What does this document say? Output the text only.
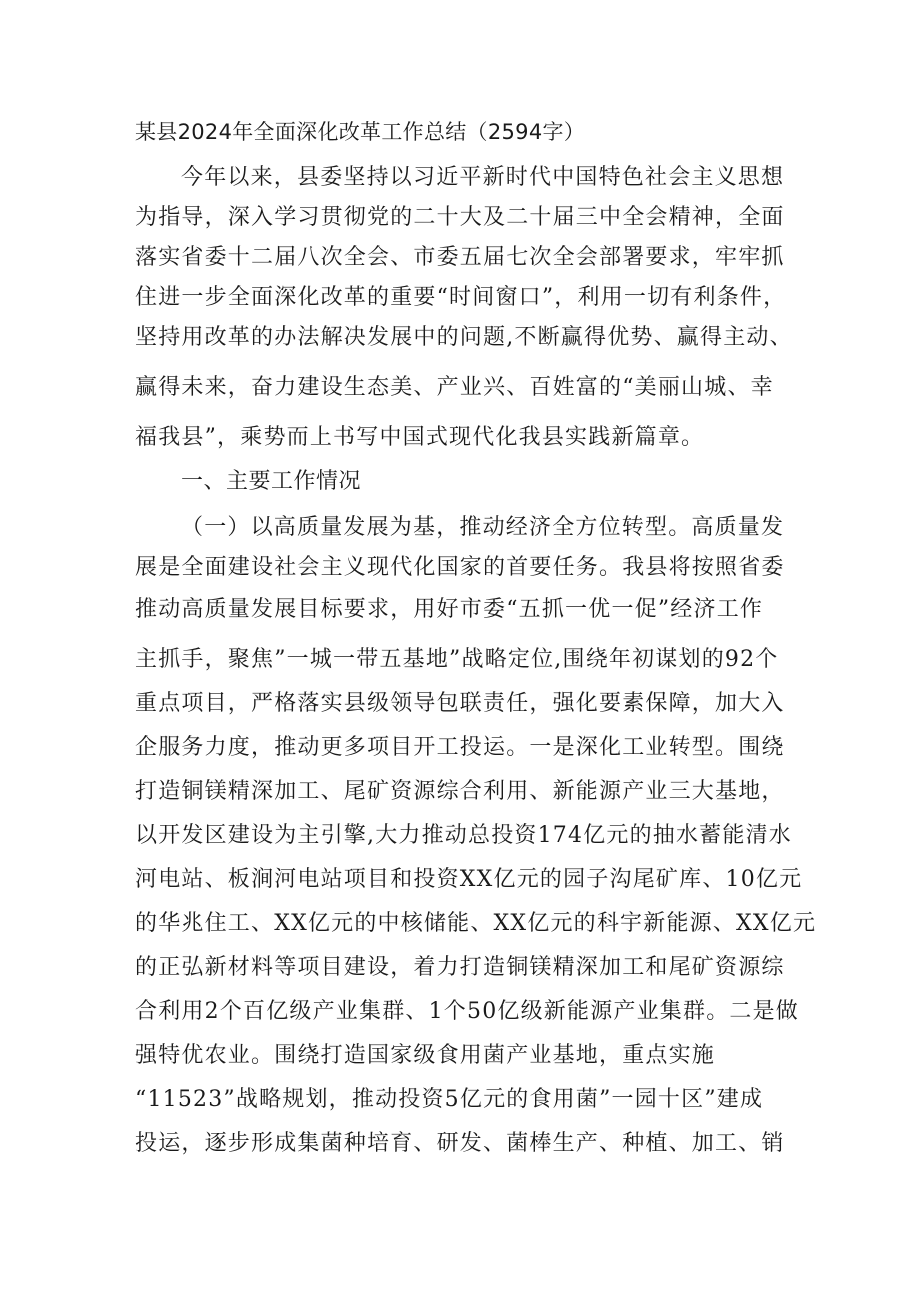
某县2024年全面深化改革工作总结（2594字）
今年以来，县委坚持以习近平新时代中国特色社会主义思想
为指导，深入学习贯彻党的二十大及二十届三中全会精神，全面
落实省委十二届八次全会、市委五届七次全会部署要求，牢牢抓
住进一步全面深化改革的重要“时间窗口”，利用一切有利条件，
坚持用改革的办法解决发展中的问题,不断赢得优势、赢得主动、
赢得未来，奋力建设生态美、产业兴、百姓富的“美丽山城、幸
福我县”，乘势而上书写中国式现代化我县实践新篇章。
一、主要工作情况
（一）以高质量发展为基，推动经济全方位转型。高质量发
展是全面建设社会主义现代化国家的首要任务。我县将按照省委
推动高质量发展目标要求，用好市委“五抓一优一促”经济工作
主抓手，聚焦”一城一带五基地”战略定位,围绕年初谋划的92个
重点项目，严格落实县级领导包联责任，强化要素保障，加大入
企服务力度，推动更多项目开工投运。一是深化工业转型。围绕
打造铜镁精深加工、尾矿资源综合利用、新能源产业三大基地，
以开发区建设为主引擎,大力推动总投资174亿元的抽水蓄能清水
河电站、板涧河电站项目和投资XX亿元的园子沟尾矿库、10亿元
的华兆住工、XX亿元的中核储能、XX亿元的科宇新能源、XX亿元
的正弘新材料等项目建设，着力打造铜镁精深加工和尾矿资源综
合利用2个百亿级产业集群、1个50亿级新能源产业集群。二是做
强特优农业。围绕打造国家级食用菌产业基地，重点实施
“11523”战略规划，推动投资5亿元的食用菌”一园十区”建成
投运，逐步形成集菌种培育、研发、菌棒生产、种植、加工、销
